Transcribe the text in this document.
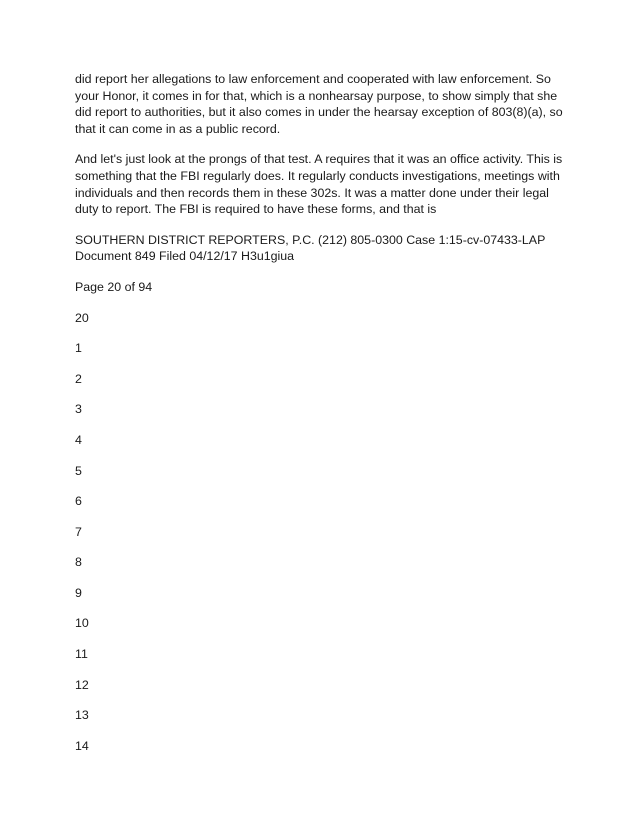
did report her allegations to law enforcement and cooperated with law enforcement. So your Honor, it comes in for that, which is a nonhearsay purpose, to show simply that she did report to authorities, but it also comes in under the hearsay exception of 803(8)(a), so that it can come in as a public record.

And let's just look at the prongs of that test. A requires that it was an office activity. This is something that the FBI regularly does. It regularly conducts investigations, meetings with individuals and then records them in these 302s. It was a matter done under their legal duty to report. The FBI is required to have these forms, and that is

SOUTHERN DISTRICT REPORTERS, P.C. (212) 805-0300 Case 1:15-cv-07433-LAP Document 849 Filed 04/12/17 H3u1giua

Page 20 of 94

20
1
2
3
4
5
6
7
8
9
10
11
12
13
14
